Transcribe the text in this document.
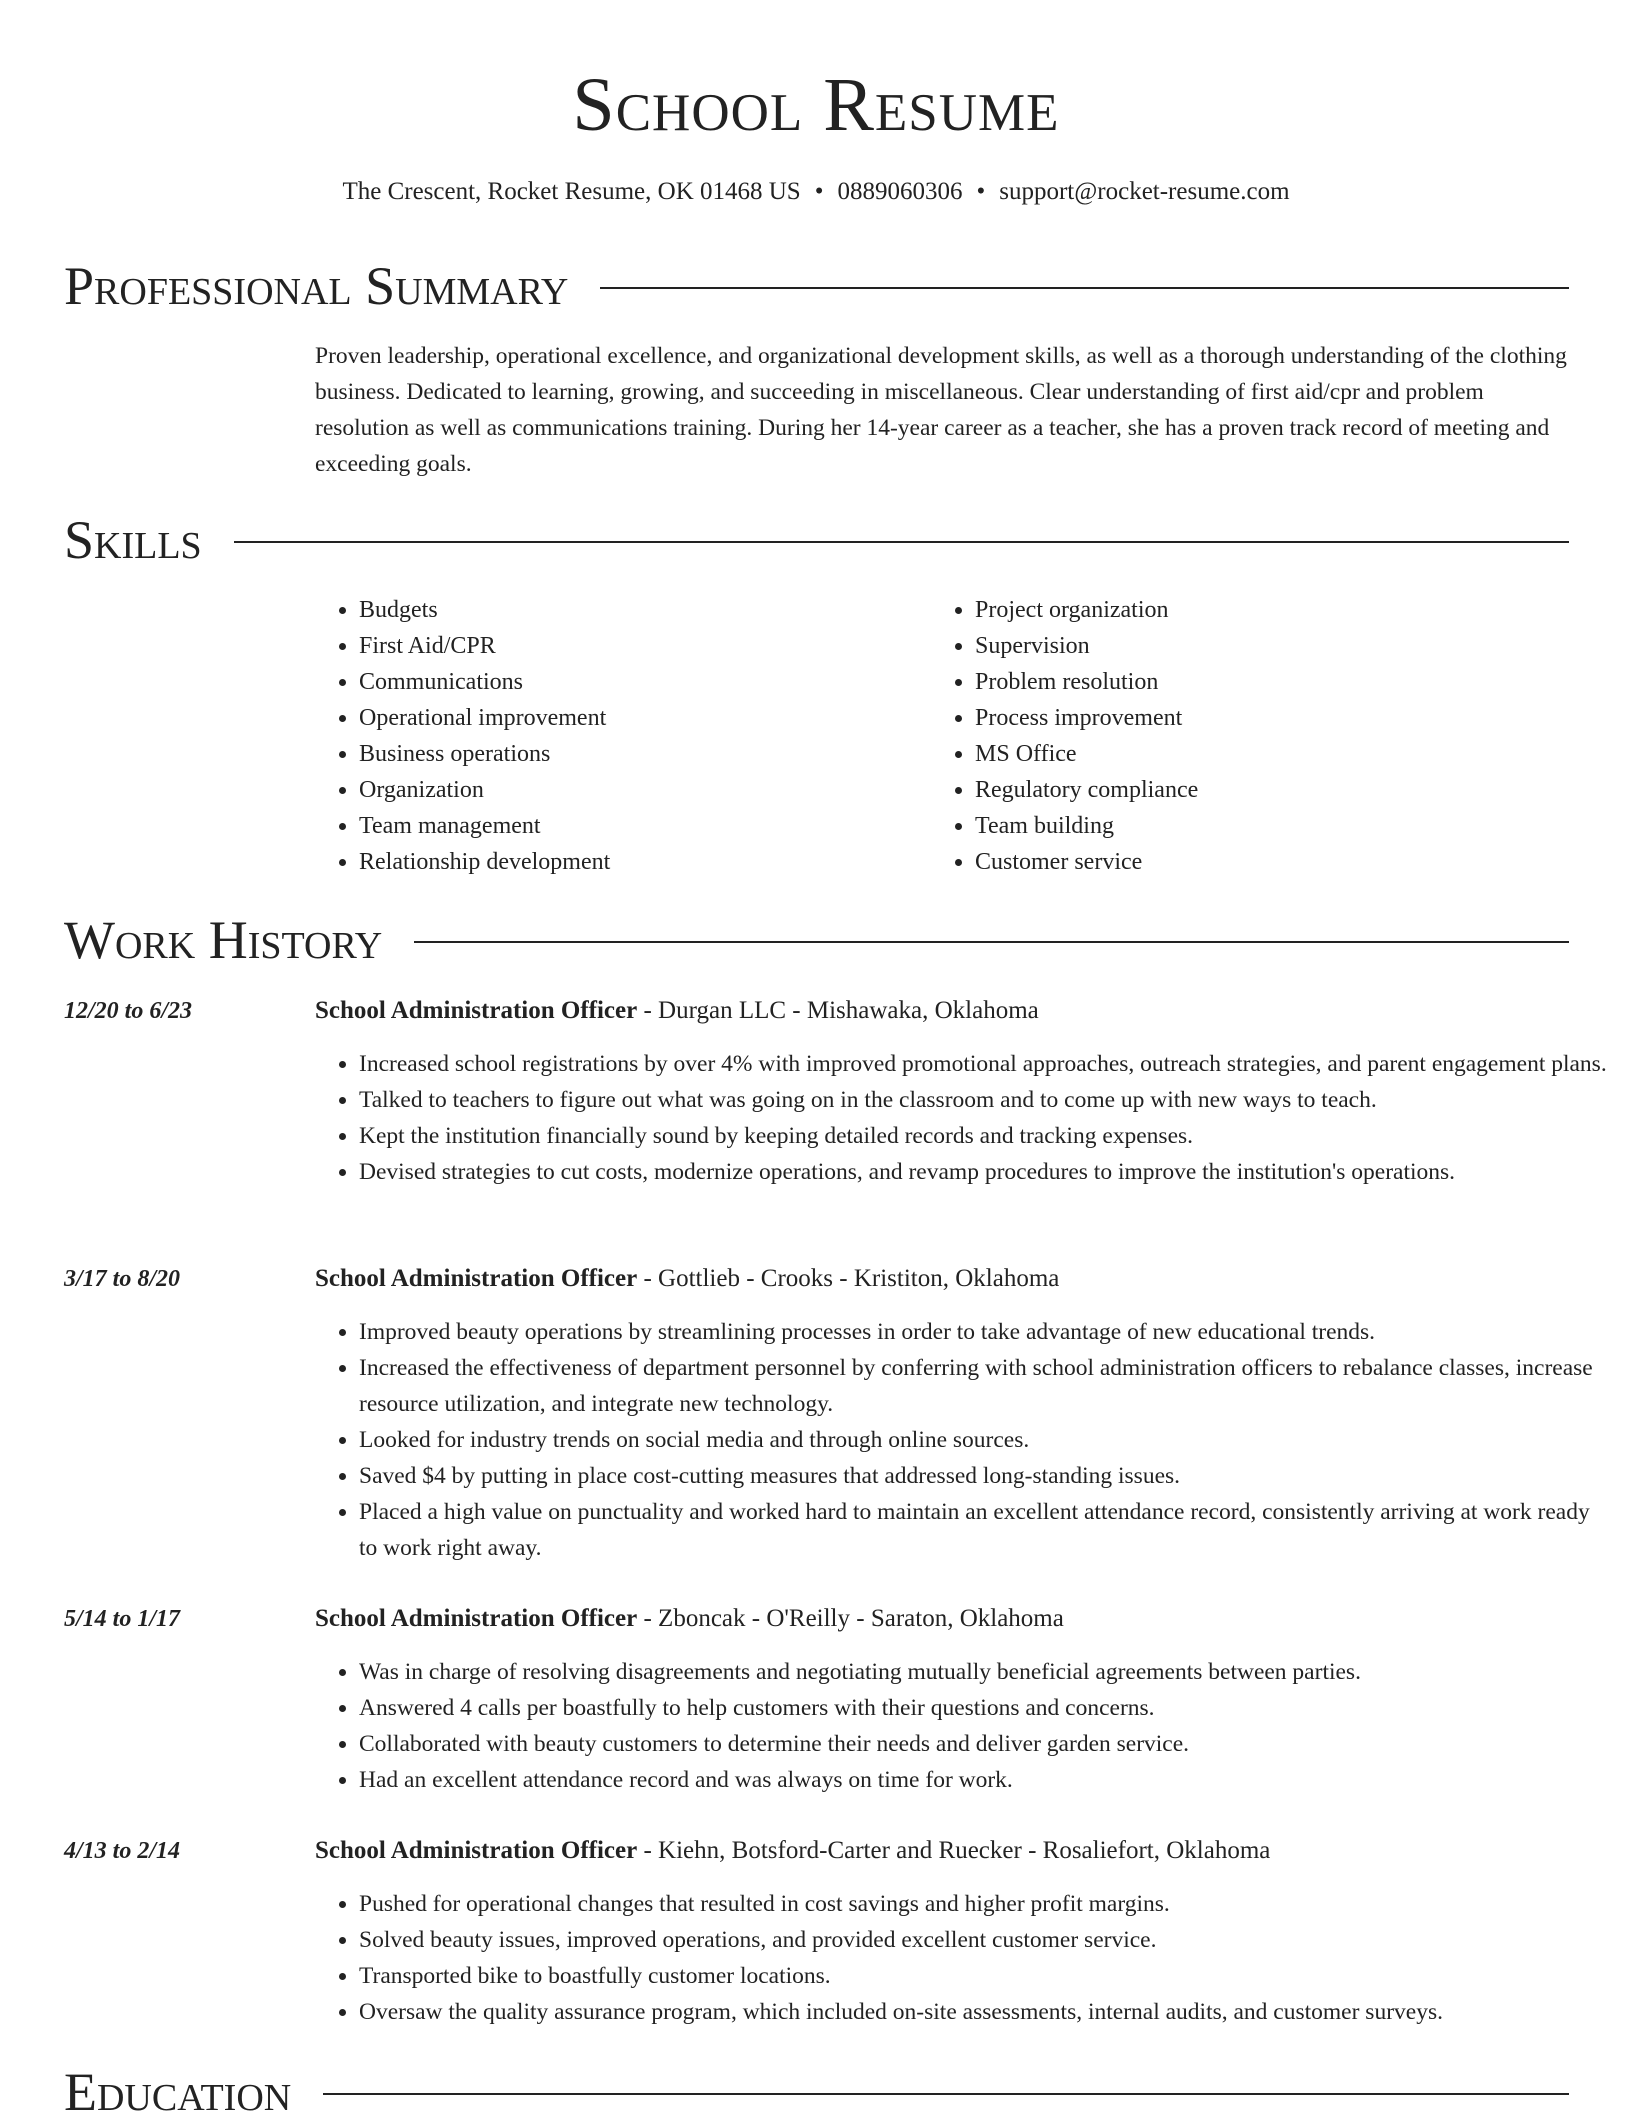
School Resume
The Crescent, Rocket Resume, OK 01468 US • 0889060306 • support@rocket-resume.com
Professional Summary
Proven leadership, operational excellence, and organizational development skills, as well as a thorough understanding of the clothing business. Dedicated to learning, growing, and succeeding in miscellaneous. Clear understanding of first aid/cpr and problem resolution as well as communications training. During her 14-year career as a teacher, she has a proven track record of meeting and exceeding goals.
Skills
• Budgets
• First Aid/CPR
• Communications
• Operational improvement
• Business operations
• Organization
• Team management
• Relationship development
• Project organization
• Supervision
• Problem resolution
• Process improvement
• MS Office
• Regulatory compliance
• Team building
• Customer service
Work History
12/20 to 6/23	School Administration Officer - Durgan LLC - Mishawaka, Oklahoma
• Increased school registrations by over 4% with improved promotional approaches, outreach strategies, and parent engagement plans.
• Talked to teachers to figure out what was going on in the classroom and to come up with new ways to teach.
• Kept the institution financially sound by keeping detailed records and tracking expenses.
• Devised strategies to cut costs, modernize operations, and revamp procedures to improve the institution's operations.
3/17 to 8/20	School Administration Officer - Gottlieb - Crooks - Kristiton, Oklahoma
• Improved beauty operations by streamlining processes in order to take advantage of new educational trends.
• Increased the effectiveness of department personnel by conferring with school administration officers to rebalance classes, increase resource utilization, and integrate new technology.
• Looked for industry trends on social media and through online sources.
• Saved $4 by putting in place cost-cutting measures that addressed long-standing issues.
• Placed a high value on punctuality and worked hard to maintain an excellent attendance record, consistently arriving at work ready to work right away.
5/14 to 1/17	School Administration Officer - Zboncak - O'Reilly - Saraton, Oklahoma
• Was in charge of resolving disagreements and negotiating mutually beneficial agreements between parties.
• Answered 4 calls per boastfully to help customers with their questions and concerns.
• Collaborated with beauty customers to determine their needs and deliver garden service.
• Had an excellent attendance record and was always on time for work.
4/13 to 2/14	School Administration Officer - Kiehn, Botsford-Carter and Ruecker - Rosaliefort, Oklahoma
• Pushed for operational changes that resulted in cost savings and higher profit margins.
• Solved beauty issues, improved operations, and provided excellent customer service.
• Transported bike to boastfully customer locations.
• Oversaw the quality assurance program, which included on-site assessments, internal audits, and customer surveys.
Education
